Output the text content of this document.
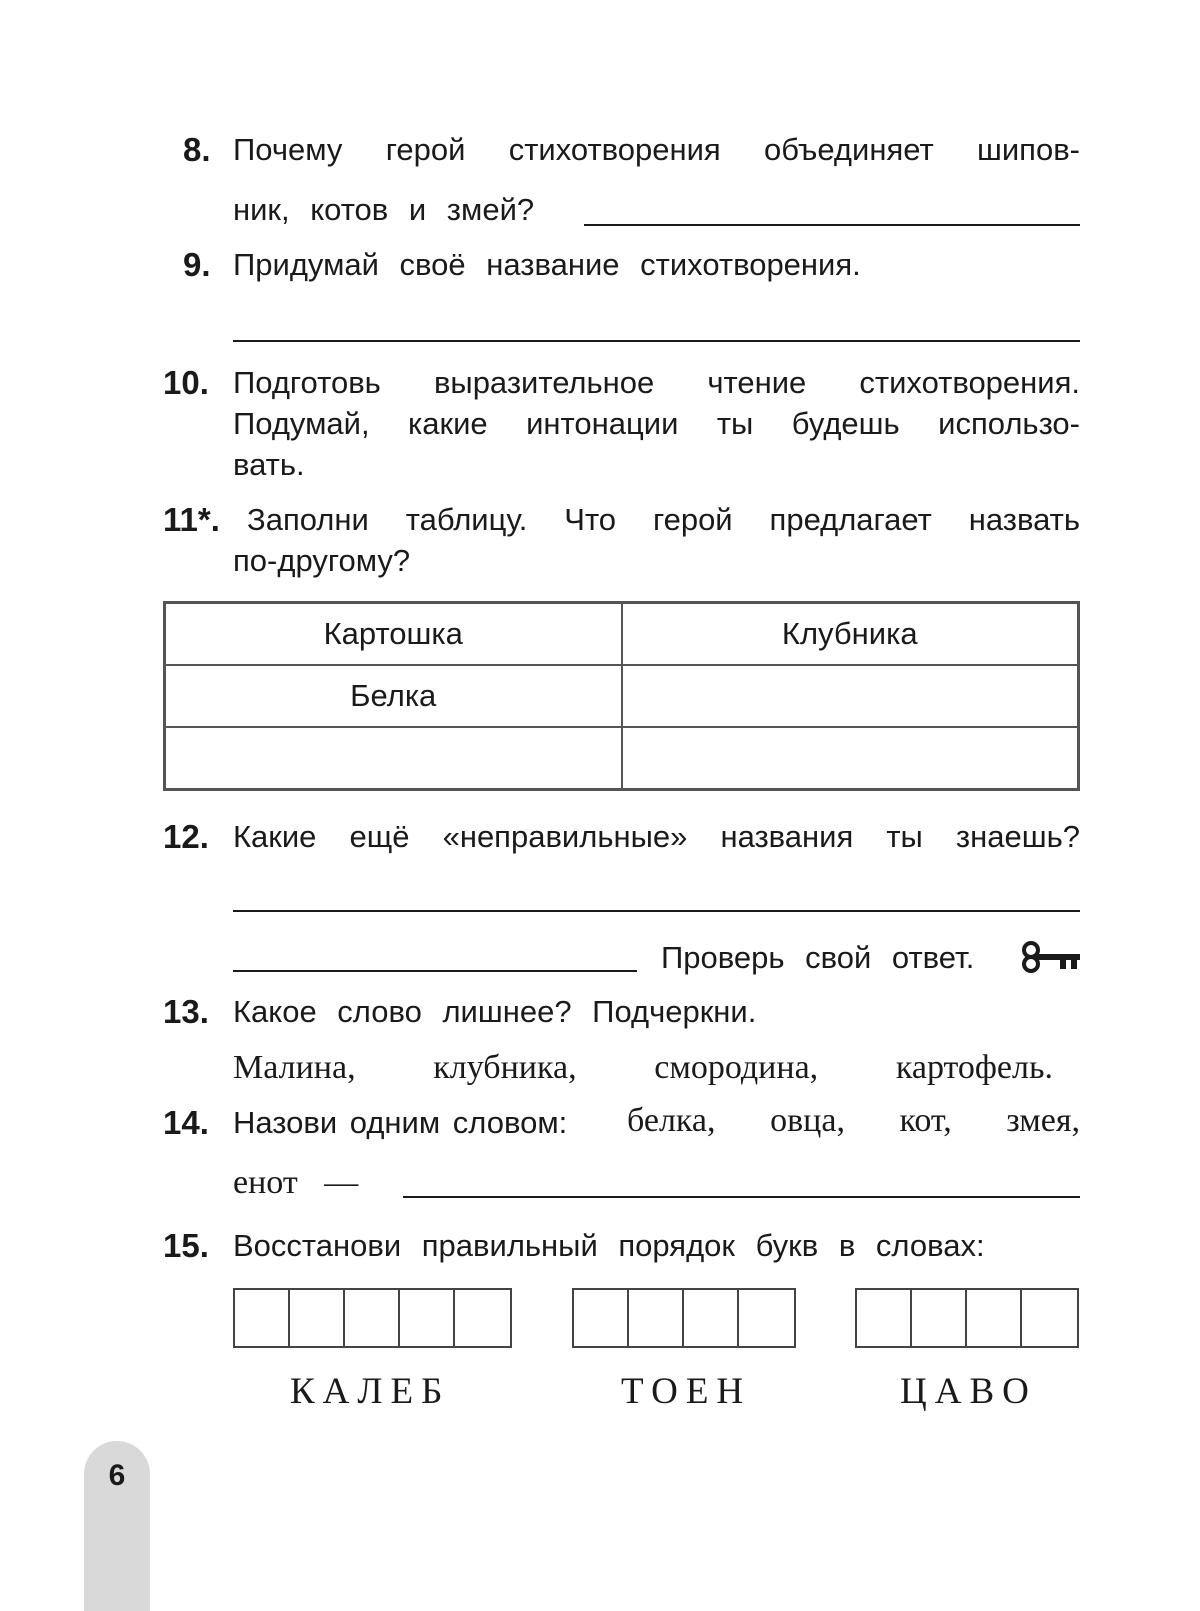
8. Почему герой стихотворения объединяет шипов-
ник, котов и змей?
9. Придумай своё название стихотворения.
10. Подготовь выразительное чтение стихотворения.
Подумай, какие интонации ты будешь использо-
вать.
11*. Заполни таблицу. Что герой предлагает назвать
по-другому?
Картошка	Клубника
Белка	

12. Какие ещё «неправильные» названия ты знаешь?
Проверь свой ответ.
13. Какое слово лишнее? Подчеркни.
Малина, клубника, смородина, картофель.
14. Назови одним словом: белка, овца, кот, змея,
енот —
15. Восстанови правильный порядок букв в словах:
КАЛЕБ	ТОЕН	ЦАВО
6
